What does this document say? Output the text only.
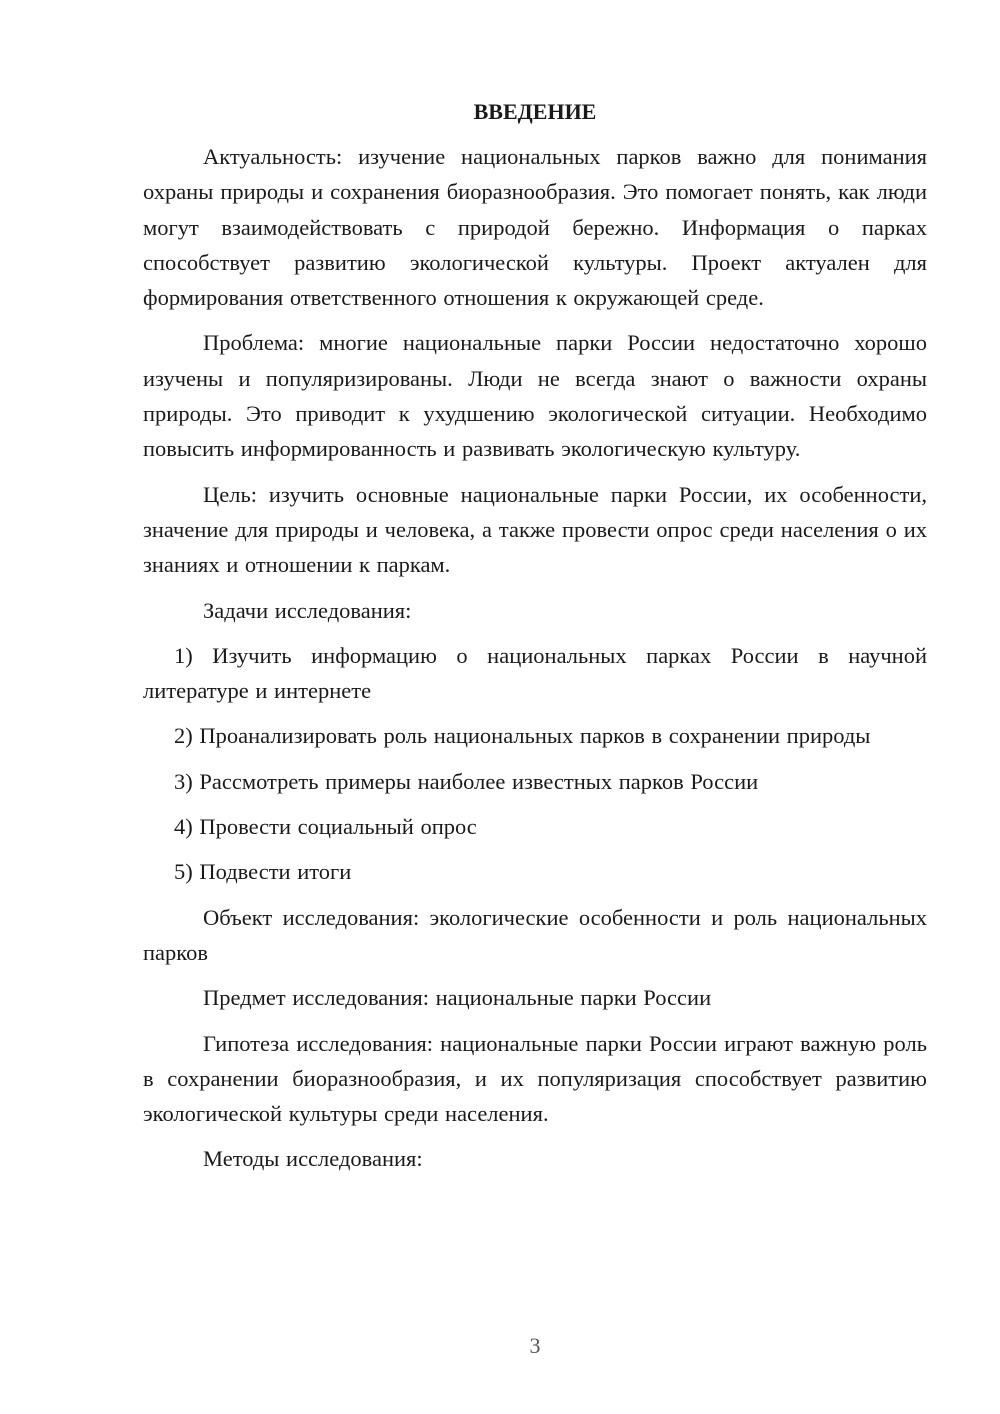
ВВЕДЕНИЕ

Актуальность: изучение национальных парков важно для понимания охраны природы и сохранения биоразнообразия. Это помогает понять, как люди могут взаимодействовать с природой бережно. Информация о парках способствует развитию экологической культуры. Проект актуален для формирования ответственного отношения к окружающей среде.

Проблема: многие национальные парки России недостаточно хорошо изучены и популяризированы. Люди не всегда знают о важности охраны природы. Это приводит к ухудшению экологической ситуации. Необходимо повысить информированность и развивать экологическую культуру.

Цель: изучить основные национальные парки России, их особенности, значение для природы и человека, а также провести опрос среди населения о их знаниях и отношении к паркам.

Задачи исследования:

1) Изучить информацию о национальных парках России в научной литературе и интернете

2) Проанализировать роль национальных парков в сохранении природы

3) Рассмотреть примеры наиболее известных парков России

4) Провести социальный опрос

5) Подвести итоги

Объект исследования: экологические особенности и роль национальных парков

Предмет исследования: национальные парки России

Гипотеза исследования: национальные парки России играют важную роль в сохранении биоразнообразия, и их популяризация способствует развитию экологической культуры среди населения.

Методы исследования:

3
